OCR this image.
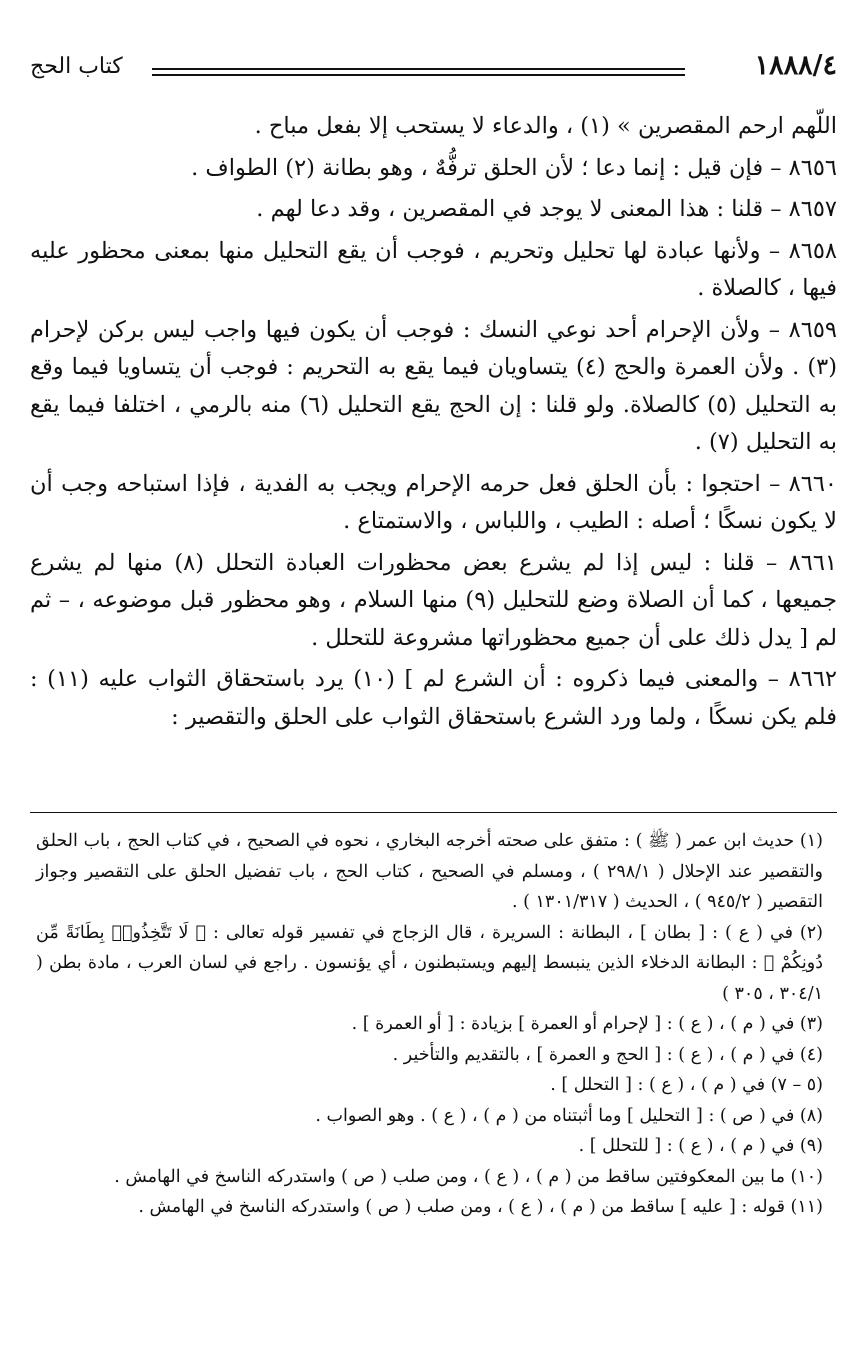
١٨٨٨/٤
كتاب الحج

اللّهم ارحم المقصرين » (١) ، والدعاء لا يستحب إلا بفعل مباح .

٨٦٥٦ – فإن قيل : إنما دعا ؛ لأن الحلق ترفُّهٌ ، وهو بطانة (٢) الطواف .

٨٦٥٧ – قلنا : هذا المعنى لا يوجد في المقصرين ، وقد دعا لهم .

٨٦٥٨ – ولأنها عبادة لها تحليل وتحريم ، فوجب أن يقع التحليل منها بمعنى محظور عليه فيها ، كالصلاة .

٨٦٥٩ – ولأن الإحرام أحد نوعي النسك : فوجب أن يكون فيها واجب ليس بركن لإحرام (٣) . ولأن العمرة والحج (٤) يتساويان فيما يقع به التحريم : فوجب أن يتساويا فيما وقع به التحليل (٥) كالصلاة. ولو قلنا : إن الحج يقع التحليل (٦) منه بالرمي ، اختلفا فيما يقع به التحليل (٧) .

٨٦٦٠ – احتجوا : بأن الحلق فعل حرمه الإحرام ويجب به الفدية ، فإذا استباحه وجب أن لا يكون نسكًا ؛ أصله : الطيب ، واللباس ، والاستمتاع .

٨٦٦١ – قلنا : ليس إذا لم يشرع بعض محظورات العبادة التحلل (٨) منها لم يشرع جميعها ، كما أن الصلاة وضع للتحليل (٩) منها السلام ، وهو محظور قبل موضوعه ، – ثم لم [ يدل ذلك على أن جميع محظوراتها مشروعة للتحلل .

٨٦٦٢ – والمعنى فيما ذكروه : أن الشرع لم ] (١٠) يرد باستحقاق الثواب عليه (١١) : فلم يكن نسكًا ، ولما ورد الشرع باستحقاق الثواب على الحلق والتقصير :

(١) حديث ابن عمر ( ﷺ ) : متفق على صحته أخرجه البخاري ، نحوه في الصحيح ، في كتاب الحج ، باب الحلق والتقصير عند الإحلال ( ٢٩٨/١ ) ، ومسلم في الصحيح ، كتاب الحج ، باب تفضيل الحلق على التقصير وجواز التقصير ( ٩٤٥/٢ ) ، الحديث ( ١٣٠١/٣١٧ ) .

(٢) في ( ع ) : [ بطان ] ، البطانة : السريرة ، قال الزجاج في تفسير قوله تعالى : ﴿ لَا تَتَّخِذُوا۟ بِطَانَةً مِّن دُونِكُمْ ﴾ : البطانة الدخلاء الذين ينبسط إليهم ويستبطنون ، أي يؤنسون . راجع في لسان العرب ، مادة بطن ( ٣٠٤/١ ، ٣٠٥ )

(٣) في ( م ) ، ( ع ) : [ لإحرام أو العمرة ] بزيادة : [ أو العمرة ] .

(٤) في ( م ) ، ( ع ) : [ الحج و العمرة ] ، بالتقديم والتأخير .

(٥ – ٧) في ( م ) ، ( ع ) : [ التحلل ] .

(٨) في ( ص ) : [ التحليل ] وما أثبتناه من ( م ) ، ( ع ) . وهو الصواب .

(٩) في ( م ) ، ( ع ) : [ للتحلل ] .

(١٠) ما بين المعكوفتين ساقط من ( م ) ، ( ع ) ، ومن صلب ( ص ) واستدركه الناسخ في الهامش .

(١١) قوله : [ عليه ] ساقط من ( م ) ، ( ع ) ، ومن صلب ( ص ) واستدركه الناسخ في الهامش .
